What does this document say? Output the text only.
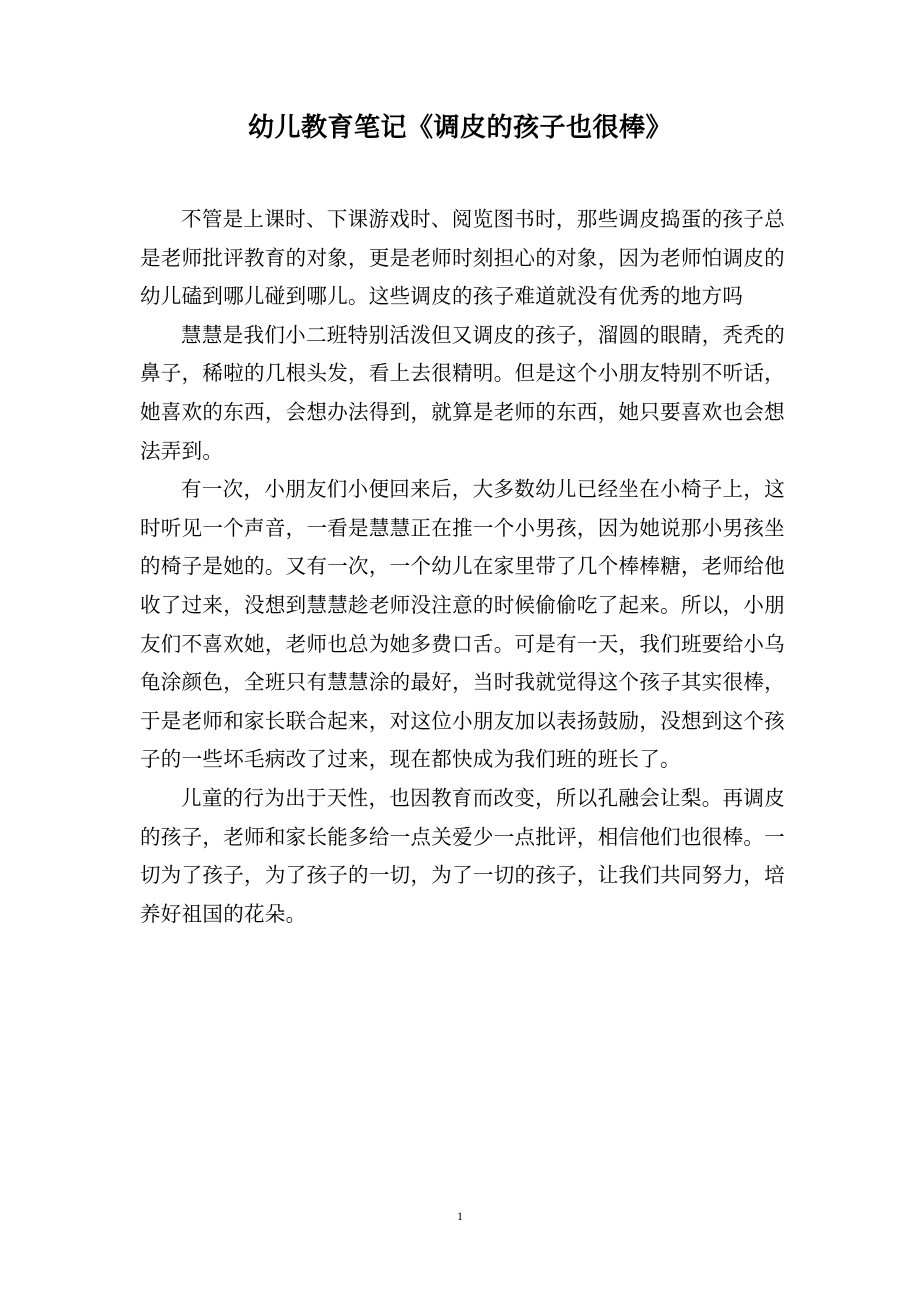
幼儿教育笔记《调皮的孩子也很棒》

不管是上课时、下课游戏时、阅览图书时，那些调皮捣蛋的孩子总是老师批评教育的对象，更是老师时刻担心的对象，因为老师怕调皮的幼儿磕到哪儿碰到哪儿。这些调皮的孩子难道就没有优秀的地方吗

慧慧是我们小二班特别活泼但又调皮的孩子，溜圆的眼睛，秃秃的鼻子，稀啦的几根头发，看上去很精明。但是这个小朋友特别不听话，她喜欢的东西，会想办法得到，就算是老师的东西，她只要喜欢也会想法弄到。

有一次，小朋友们小便回来后，大多数幼儿已经坐在小椅子上，这时听见一个声音，一看是慧慧正在推一个小男孩，因为她说那小男孩坐的椅子是她的。又有一次，一个幼儿在家里带了几个棒棒糖，老师给他收了过来，没想到慧慧趁老师没注意的时候偷偷吃了起来。所以，小朋友们不喜欢她，老师也总为她多费口舌。可是有一天，我们班要给小乌龟涂颜色，全班只有慧慧涂的最好，当时我就觉得这个孩子其实很棒，于是老师和家长联合起来，对这位小朋友加以表扬鼓励，没想到这个孩子的一些坏毛病改了过来，现在都快成为我们班的班长了。

儿童的行为出于天性，也因教育而改变，所以孔融会让梨。再调皮的孩子，老师和家长能多给一点关爱少一点批评，相信他们也很棒。一切为了孩子，为了孩子的一切，为了一切的孩子，让我们共同努力，培养好祖国的花朵。

1
